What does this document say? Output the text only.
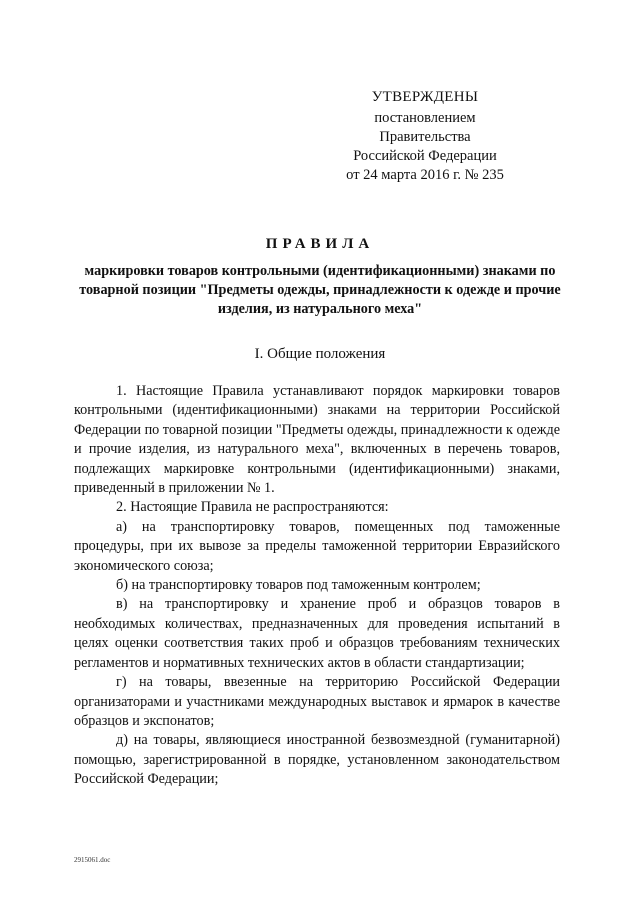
УТВЕРЖДЕНЫ
постановлением Правительства
Российской Федерации
от 24 марта 2016 г. № 235
ПРАВИЛА
маркировки товаров контрольными (идентификационными) знаками по товарной позиции "Предметы одежды, принадлежности к одежде и прочие изделия, из натурального меха"
I. Общие положения

1. Настоящие Правила устанавливают порядок маркировки товаров контрольными (идентификационными) знаками на территории Российской Федерации по товарной позиции "Предметы одежды, принадлежности к одежде и прочие изделия, из натурального меха", включенных в перечень товаров, подлежащих маркировке контрольными (идентификационными) знаками, приведенный в приложении № 1.

2. Настоящие Правила не распространяются:

а) на транспортировку товаров, помещенных под таможенные процедуры, при их вывозе за пределы таможенной территории Евразийского экономического союза;

б) на транспортировку товаров под таможенным контролем;

в) на транспортировку и хранение проб и образцов товаров в необходимых количествах, предназначенных для проведения испытаний в целях оценки соответствия таких проб и образцов требованиям технических регламентов и нормативных технических актов в области стандартизации;

г) на товары, ввезенные на территорию Российской Федерации организаторами и участниками международных выставок и ярмарок в качестве образцов и экспонатов;

д) на товары, являющиеся иностранной безвозмездной (гуманитарной) помощью, зарегистрированной в порядке, установленном законодательством Российской Федерации;

2915061.doc
